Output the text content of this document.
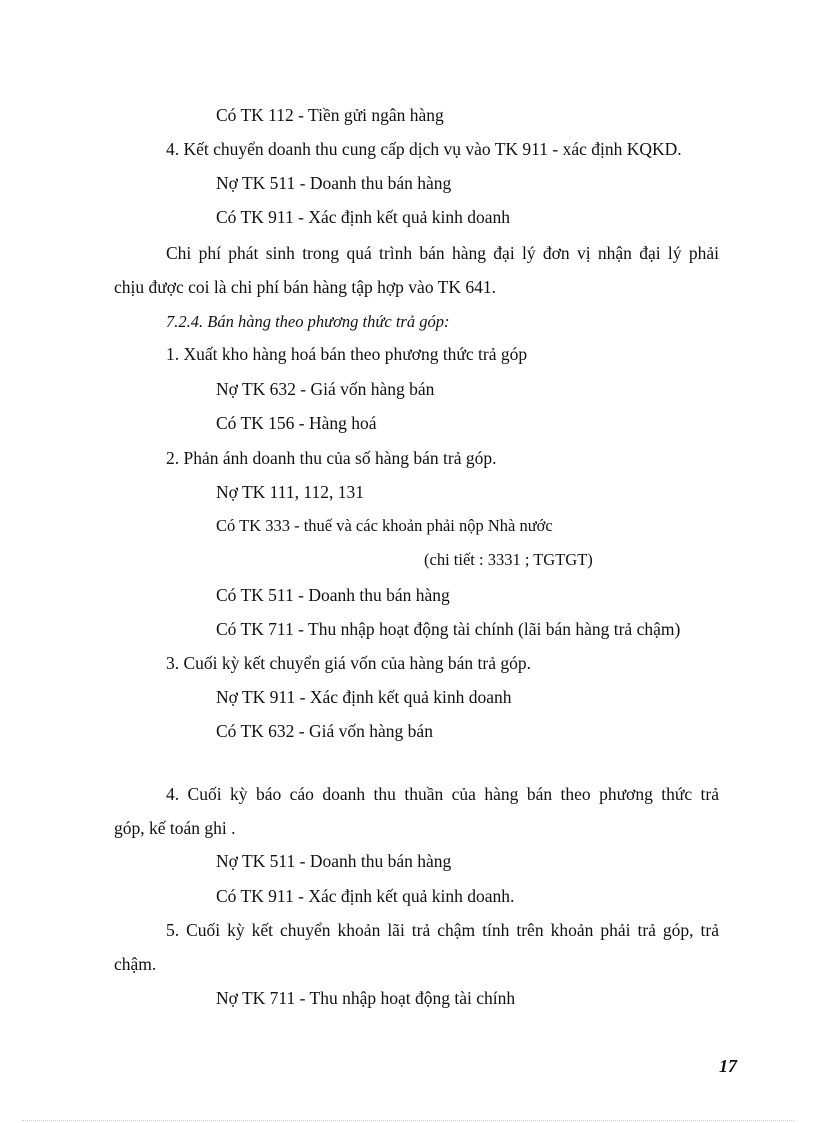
Có TK 112 - Tiền gửi ngân hàng
4. Kết chuyển doanh thu cung cấp dịch vụ vào TK 911 - xác định KQKD.
Nợ TK 511 - Doanh thu bán hàng
Có TK 911 - Xác định kết quả kinh doanh
Chi phí phát sinh trong quá trình bán hàng đại lý đơn vị nhận đại lý phải
chịu được coi là chi phí bán hàng tập hợp vào TK 641.
7.2.4. Bán hàng theo phương thức trả góp:
1. Xuất kho hàng hoá bán theo phương thức trả góp
Nợ TK 632 - Giá vốn hàng bán
Có TK 156 - Hàng hoá
2. Phản ánh doanh thu của số hàng bán trả góp.
Nợ TK 111, 112, 131
Có TK 333 - thuế và các khoản phải nộp Nhà nước
(chi tiết : 3331 ; TGTGT)
Có TK 511 - Doanh thu bán hàng
Có TK 711 - Thu nhập hoạt động tài chính (lãi bán hàng trả chậm)
3. Cuối kỳ kết chuyển giá vốn của hàng bán trả góp.
Nợ TK 911 - Xác định kết quả kinh doanh
Có TK 632 - Giá vốn hàng bán
4. Cuối kỳ báo cáo doanh thu thuần của hàng bán theo phương thức trả
góp, kế toán ghi .
Nợ TK 511 - Doanh thu bán hàng
Có TK 911 - Xác định kết quả kinh doanh.
5. Cuối kỳ kết chuyển khoản lãi trả chậm tính trên khoản phải trả góp, trả
chậm.
Nợ TK 711 - Thu nhập hoạt động tài chính
17
